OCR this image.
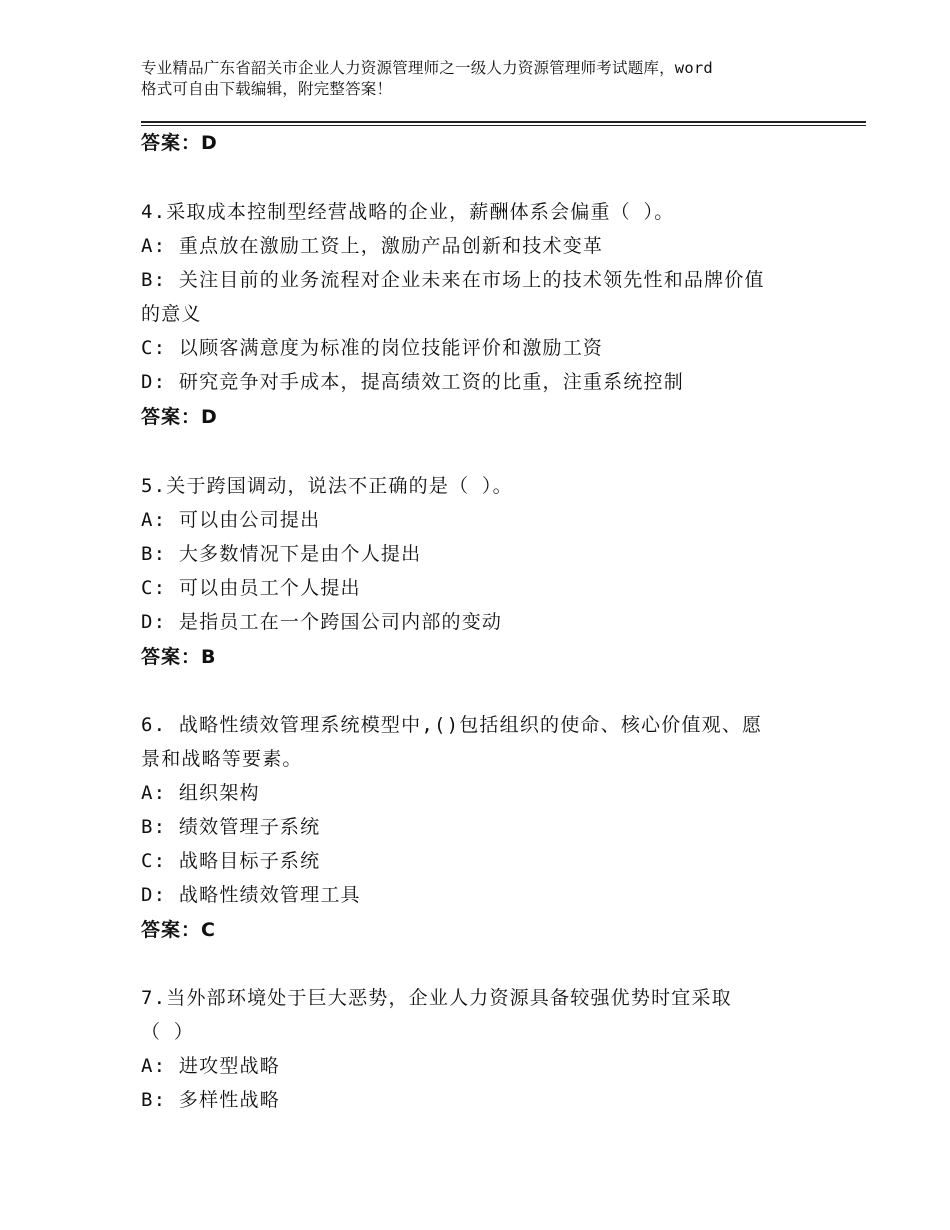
专业精品广东省韶关市企业人力资源管理师之一级人力资源管理师考试题库，word
格式可自由下载编辑，附完整答案！
答案：D
4.采取成本控制型经营战略的企业，薪酬体系会偏重（ ）。
A: 重点放在激励工资上，激励产品创新和技术变革
B: 关注目前的业务流程对企业未来在市场上的技术领先性和品牌价值
的意义
C: 以顾客满意度为标准的岗位技能评价和激励工资
D: 研究竞争对手成本，提高绩效工资的比重，注重系统控制
答案：D
5.关于跨国调动，说法不正确的是（ ）。
A: 可以由公司提出
B: 大多数情况下是由个人提出
C: 可以由员工个人提出
D: 是指员工在一个跨国公司内部的变动
答案：B
6. 战略性绩效管理系统模型中,()包括组织的使命、核心价值观、愿
景和战略等要素。
A: 组织架构
B: 绩效管理子系统
C: 战略目标子系统
D: 战略性绩效管理工具
答案：C
7.当外部环境处于巨大恶势，企业人力资源具备较强优势时宜采取
（ ）
A: 进攻型战略
B: 多样性战略
